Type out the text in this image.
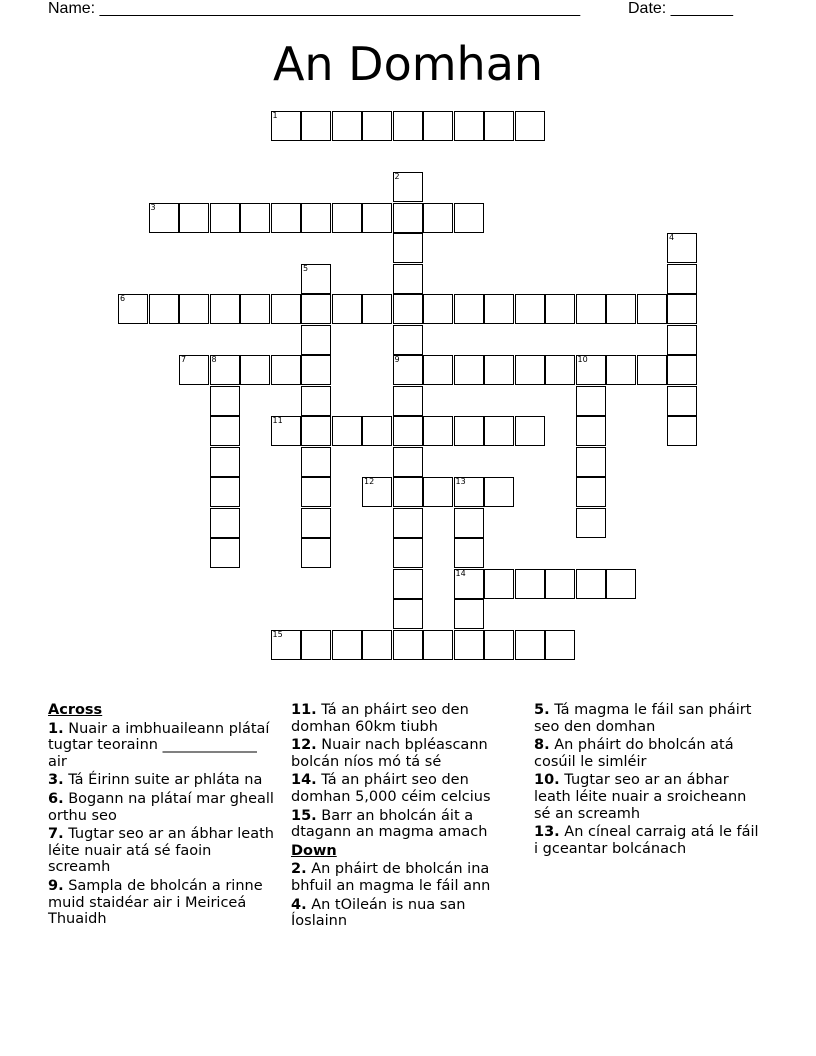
Name: ______________________________________________________	Date: _______
An Domhan
1
3
6
7	8	9	10
11
12	13
14
15
2
4
5
Across
1. Nuair a imbhuaileann plátaí tugtar teorainn _____________ air
3. Tá Éirinn suite ar phláta na
6. Bogann na plátaí mar gheall orthu seo
7. Tugtar seo ar an ábhar leath léite nuair atá sé faoin screamh
9. Sampla de bholcán a rinne muid staidéar air i Meiriceá Thuaidh
11. Tá an pháirt seo den domhan 60km tiubh
12. Nuair nach bpléascann bolcán níos mó tá sé
14. Tá an pháirt seo den domhan 5,000 céim celcius
15. Barr an bholcán áit a dtagann an magma amach
Down
2. An pháirt de bholcán ina bhfuil an magma le fáil ann
4. An tOileán is nua san Íoslainn
5. Tá magma le fáil san pháirt seo den domhan
8. An pháirt do bholcán atá cosúil le simléir
10. Tugtar seo ar an ábhar leath léite nuair a sroicheann sé an screamh
13. An cíneal carraig atá le fáil i gceantar bolcánach
